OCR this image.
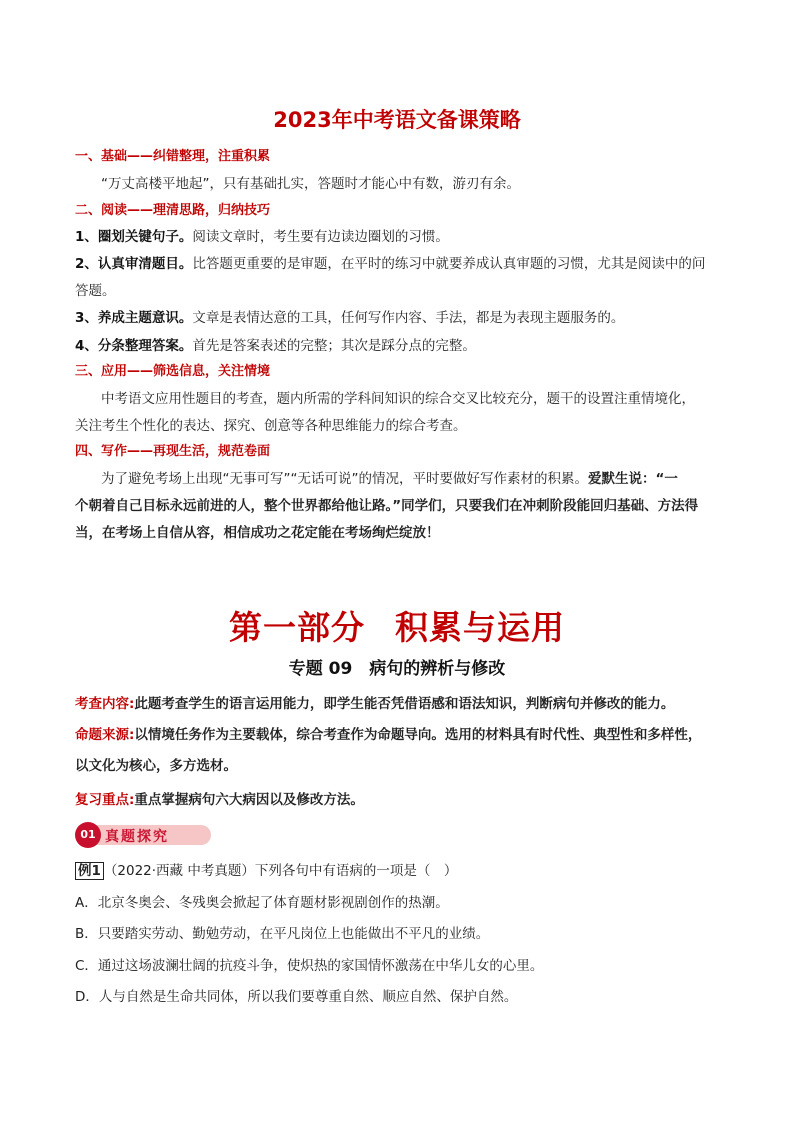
2023年中考语文备课策略
一、基础——纠错整理，注重积累
“万丈高楼平地起”，只有基础扎实，答题时才能心中有数，游刃有余。
二、阅读——理清思路，归纳技巧
1、圈划关键句子。阅读文章时，考生要有边读边圈划的习惯。
2、认真审清题目。比答题更重要的是审题，在平时的练习中就要养成认真审题的习惯，尤其是阅读中的问
答题。
3、养成主题意识。文章是表情达意的工具，任何写作内容、手法，都是为表现主题服务的。
4、分条整理答案。首先是答案表述的完整；其次是踩分点的完整。
三、应用——筛选信息，关注情境
中考语文应用性题目的考查，题内所需的学科间知识的综合交叉比较充分，题干的设置注重情境化，
关注考生个性化的表达、探究、创意等各种思维能力的综合考查。
四、写作——再现生活，规范卷面
为了避免考场上出现“无事可写”“无话可说”的情况，平时要做好写作素材的积累。爱默生说：“一
个朝着自己目标永远前进的人，整个世界都给他让路。”同学们，只要我们在冲刺阶段能回归基础、方法得
当，在考场上自信从容，相信成功之花定能在考场绚烂绽放！
第一部分 积累与运用
专题 09　病句的辨析与修改
考查内容:此题考查学生的语言运用能力，即学生能否凭借语感和语法知识，判断病句并修改的能力。
命题来源:以情境任务作为主要载体，综合考查作为命题导向。选用的材料具有时代性、典型性和多样性，
以文化为核心，多方选材。
复习重点:重点掌握病句六大病因以及修改方法。
01 真题探究
例1 （2022·西藏 中考真题）下列各句中有语病的一项是（　）
A．北京冬奥会、冬残奥会掀起了体育题材影视剧创作的热潮。
B．只要踏实劳动、勤勉劳动，在平凡岗位上也能做出不平凡的业绩。
C．通过这场波澜壮阔的抗疫斗争，使炽热的家国情怀激荡在中华儿女的心里。
D．人与自然是生命共同体，所以我们要尊重自然、顺应自然、保护自然。
